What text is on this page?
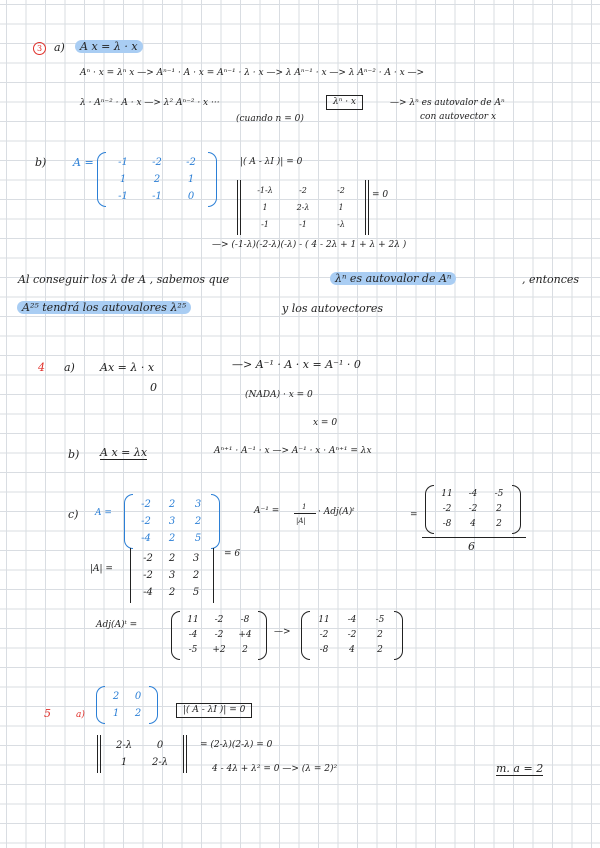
3	a)	A x = λ · x
Aⁿ · x = λⁿ x —> Aⁿ⁻¹ · A · x = Aⁿ⁻¹ · λ · x —> λ Aⁿ⁻¹ · x —> λ Aⁿ⁻² · A · x —>
λ · Aⁿ⁻² · A · x —> λ² Aⁿ⁻² · x ···	λⁿ · x	—> λⁿ es autovalor de Aⁿ
(cuando n = 0)	con autovector x
b) A =	-1	-2	-2
1	2	1
-1	-1	0
|( A - λI )| = 0
-1-λ	-2	-2
1	2-λ	1
-1	-1	-λ
= 0
—> (-1-λ)(-2-λ)(-λ) - ( 4 - 2λ + 1 + λ + 2λ )
Al conseguir los λ de A , sabemos que	λⁿ es autovalor de Aⁿ	, entonces
A²⁵ tendrá los autovalores λ²⁵	y los autovectores
4 a) Ax = λ · x
0
—> A⁻¹ · A · x = A⁻¹ · 0
(NADA) · x = 0
x = 0
b) A x = λx	Aⁿ⁺¹ · A⁻¹ · x —> A⁻¹ · x · Aⁿ⁺¹ = λx
c) A =
-2	2	3
-2	3	2
-4	2	5
A⁻¹ =	1
|A|
· Adj(A)ᵗ	=
11	-4	-5
-2	-2	2
-8	4	2
6
|A| =
-2	2	3
-2	3	2
-4	2	5
= 6
Adj(A)ᵗ =	11	-2	-8
-4	-2	+4
-5	+2	2
—>
11	-4	-5
-2	-2	2
-8	4	2
5	a)
2	0
1	2	|( A - λI )| = 0
2-λ	0
1	2-λ
= (2-λ)(2-λ) = 0
4 - 4λ + λ² = 0 —> (λ = 2)²	m. a = 2
